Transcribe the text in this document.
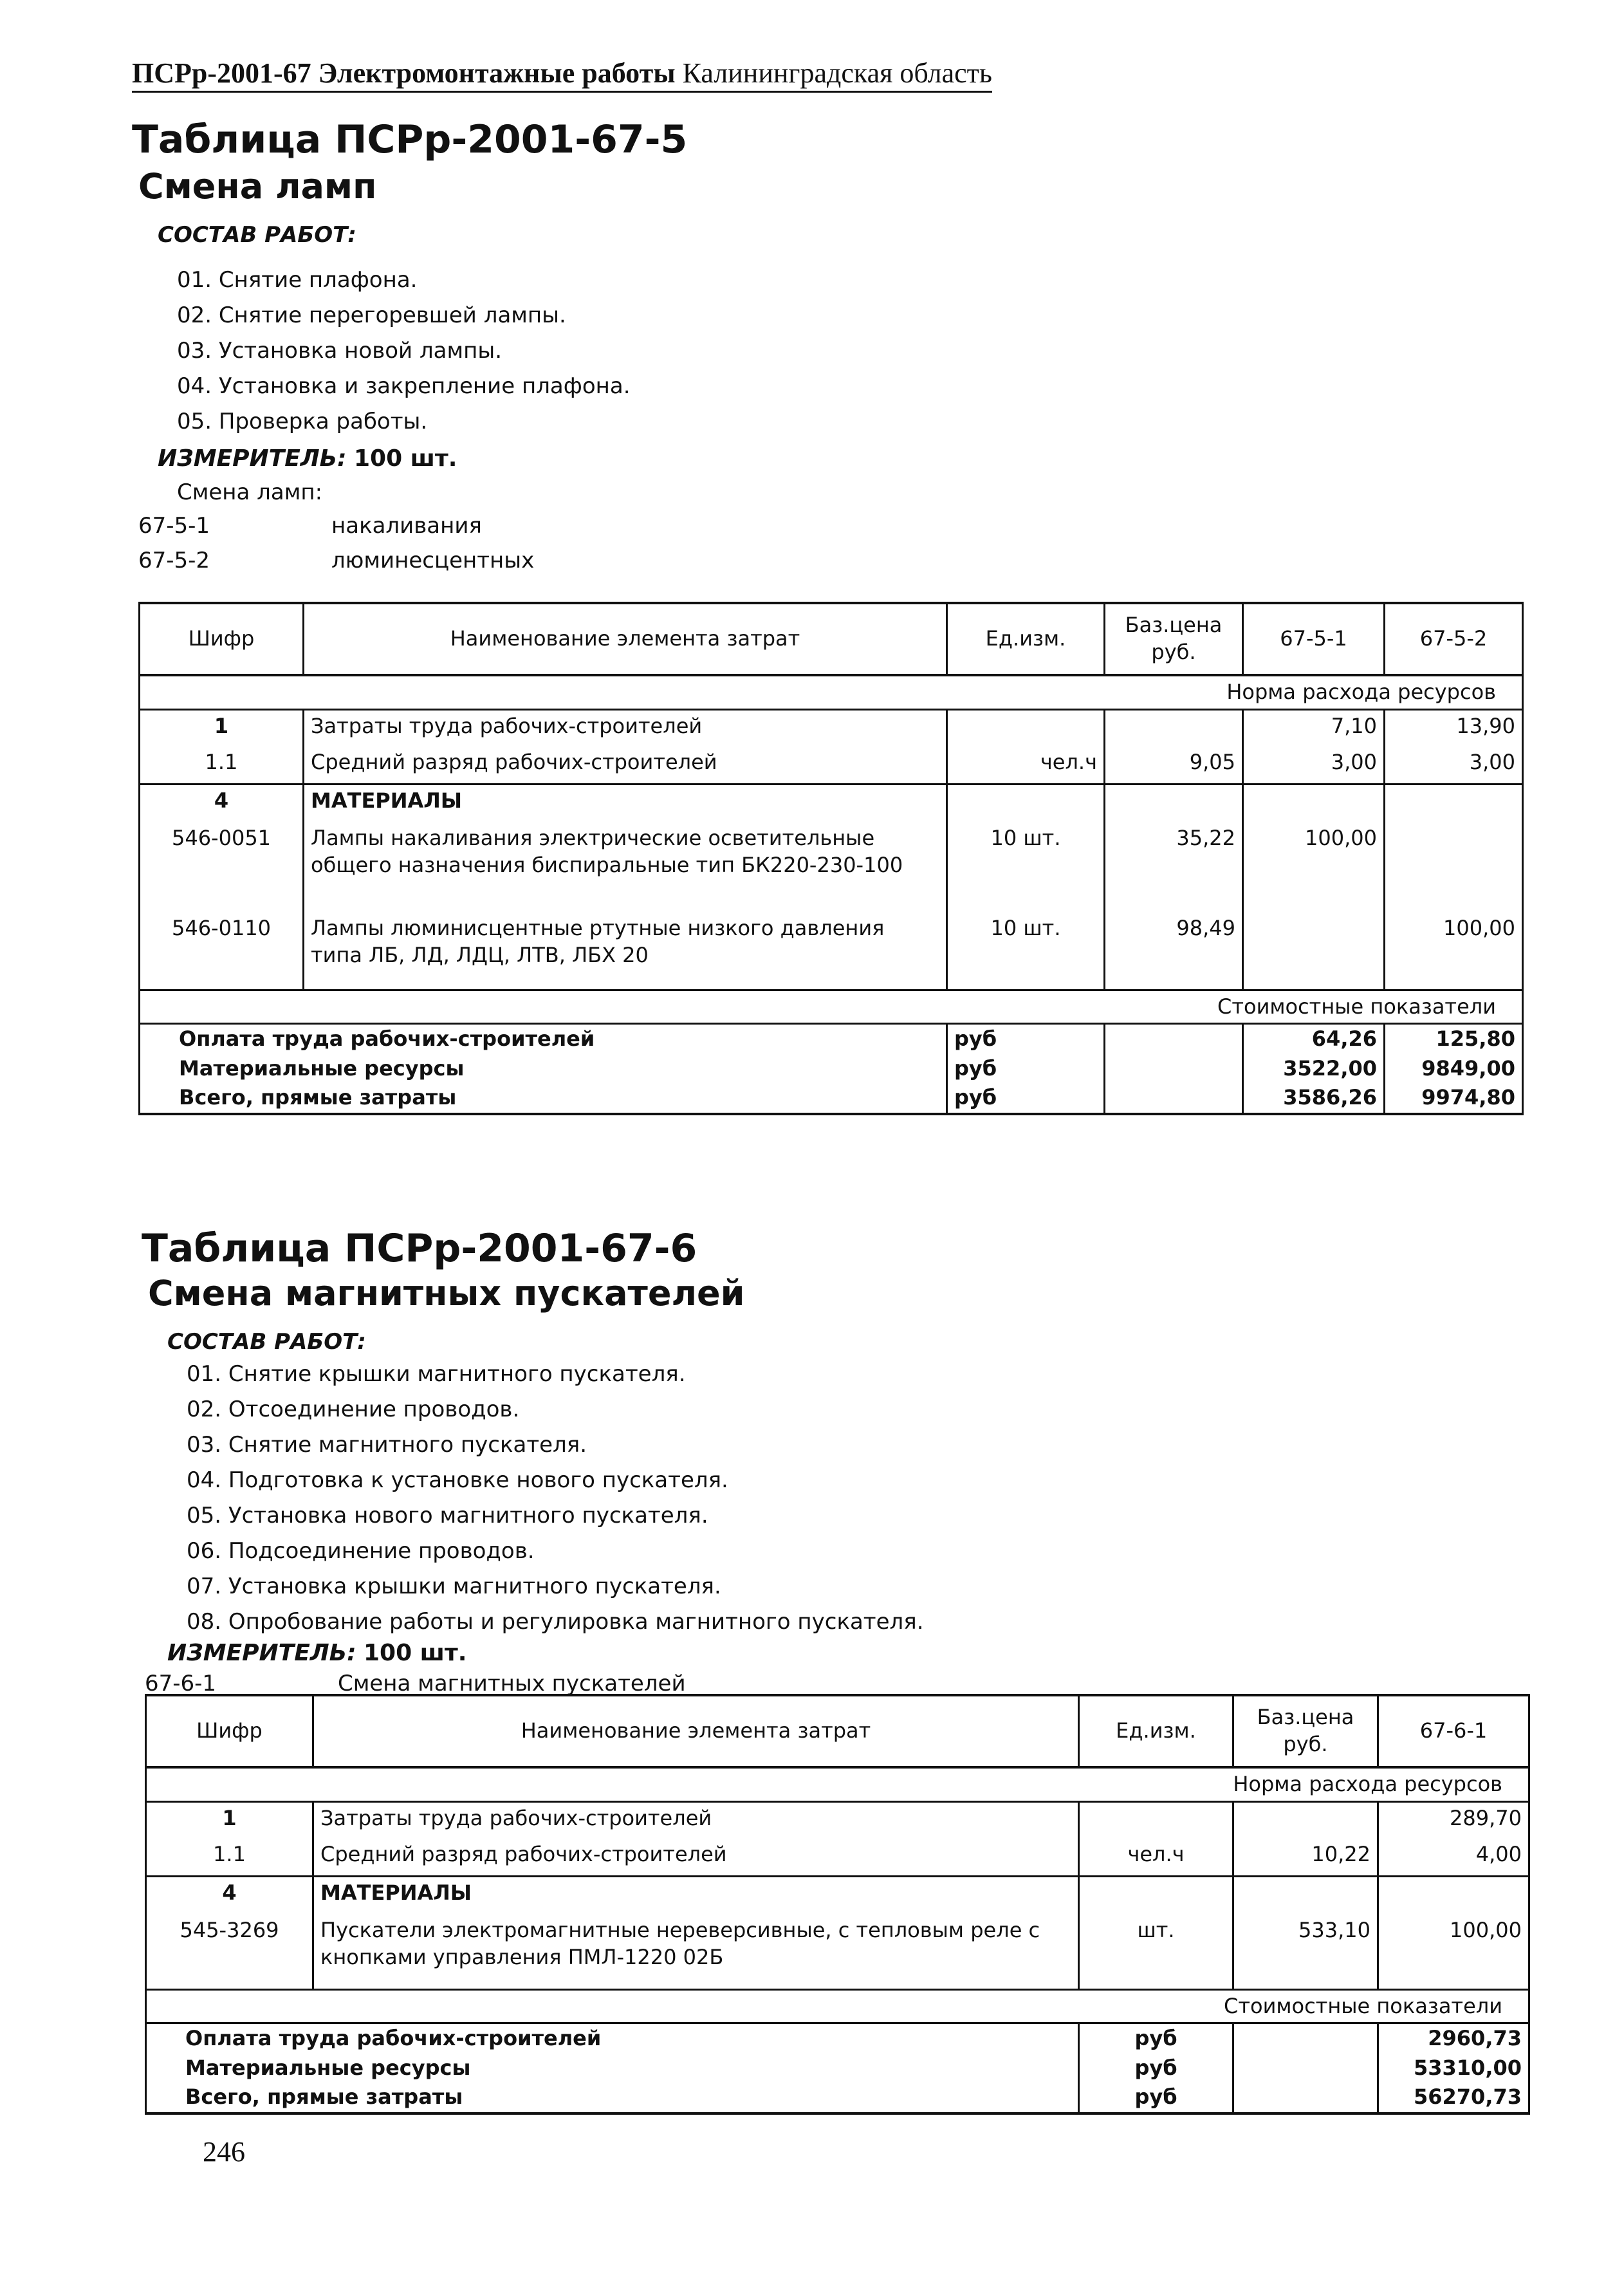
ПСРр-2001-67 Электромонтажные работы Калининградская область
Таблица ПСРр-2001-67-5
Смена ламп
СОСТАВ РАБОТ:
01. Снятие плафона.
02. Снятие перегоревшей лампы.
03. Установка новой лампы.
04. Установка и закрепление плафона.
05. Проверка работы.
ИЗМЕРИТЕЛЬ: 100 шт.
Смена ламп:
67-5-1	накаливания
67-5-2	люминесцентных
Шифр	Наименование элемента затрат	Ед.изм.	Баз.цена руб.	67-5-1	67-5-2
Норма расхода ресурсов					
1	Затраты труда рабочих-строителей			7,10	13,90
1.1	Средний разряд рабочих-строителей	чел.ч	9,05	3,00	3,00
4	МАТЕРИАЛЫ				
546-0051	Лампы накаливания электрические осветительные общего назначения биспиральные тип БК220-230-100	10 шт.	35,22	100,00	
546-0110	Лампы люминисцентные ртутные низкого давления типа ЛБ, ЛД, ЛДЦ, ЛТВ, ЛБХ 20	10 шт.	98,49		100,00
Стоимостные показатели					
Оплата труда рабочих-строителей		руб		64,26	125,80
Материальные ресурсы		руб		3522,00	9849,00
Всего, прямые затраты		руб		3586,26	9974,80
Таблица ПСРр-2001-67-6
Смена магнитных пускателей
СОСТАВ РАБОТ:
01. Снятие крышки магнитного пускателя.
02. Отсоединение проводов.
03. Снятие магнитного пускателя.
04. Подготовка к установке нового пускателя.
05. Установка нового магнитного пускателя.
06. Подсоединение проводов.
07. Установка крышки магнитного пускателя.
08. Опробование работы и регулировка магнитного пускателя.
ИЗМЕРИТЕЛЬ: 100 шт.
67-6-1	Смена магнитных пускателей
Шифр	Наименование элемента затрат	Ед.изм.	Баз.цена руб.	67-6-1
Норма расхода ресурсов				
1	Затраты труда рабочих-строителей			289,70
1.1	Средний разряд рабочих-строителей	чел.ч	10,22	4,00
4	МАТЕРИАЛЫ			
545-3269	Пускатели электромагнитные нереверсивные, с тепловым реле с кнопками управления ПМЛ-1220 02Б	шт.	533,10	100,00
Стоимостные показатели				
Оплата труда рабочих-строителей		руб		2960,73
Материальные ресурсы		руб		53310,00
Всего, прямые затраты		руб		56270,73
246
